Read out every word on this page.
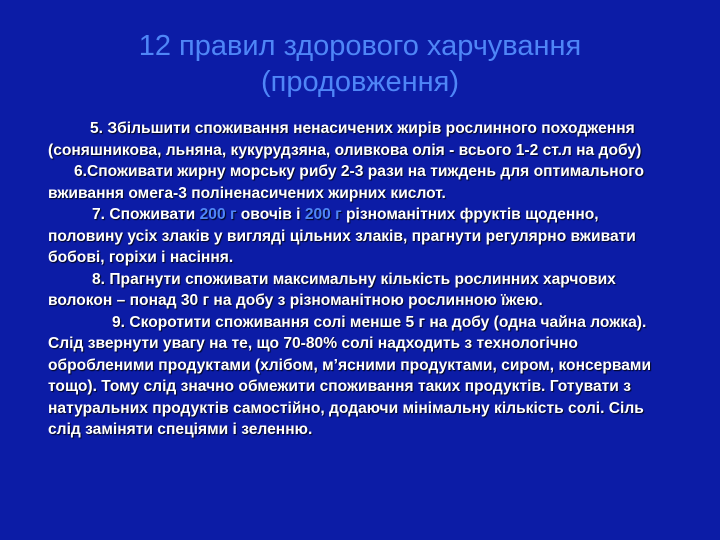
12 правил здорового харчування
(продовження)

5. Збільшити споживання ненасичених жирів рослинного походження (соняшникова, льняна, кукурудзяна, оливкова олія - всього 1-2 ст.л на добу)

6.Споживати жирну морську рибу 2-3 рази на тиждень для оптимального вживання омега-3 поліненасичених жирних кислот.

7. Споживати 200 г овочів і 200 г різноманітних фруктів щоденно, половину усіх злаків у вигляді цільних злаків, прагнути регулярно вживати бобові, горіхи і насіння.

8. Прагнути споживати максимальну кількість рослинних харчових волокон – понад 30 г на добу з різноманітною рослинною їжею.

9. Скоротити споживання солі менше 5 г на добу (одна чайна ложка). Слід звернути увагу на те, що 70-80% солі надходить з технологічно обробленими продуктами (хлібом, м’ясними продуктами, сиром, консервами тощо). Тому слід значно обмежити споживання таких продуктів. Готувати з натуральних продуктів самостійно, додаючи мінімальну кількість солі. Сіль слід заміняти спеціями і зеленню.
